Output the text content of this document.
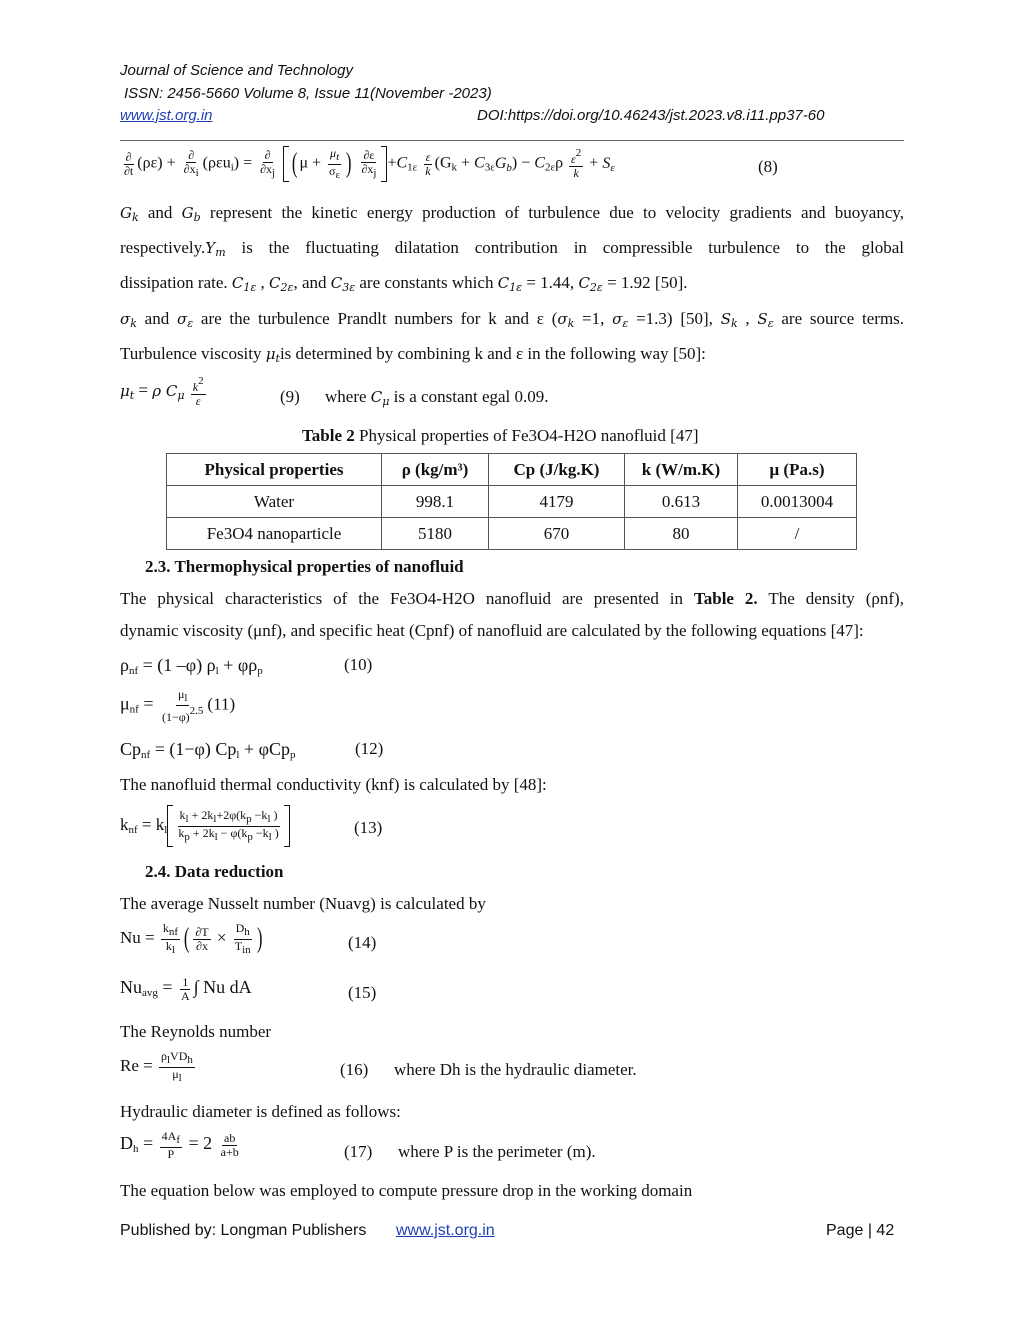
Journal of Science and Technology
ISSN: 2456-5660 Volume 8, Issue 11(November -2023)
www.jst.org.in	DOI:https://doi.org/10.46243/jst.2023.v8.i11.pp37-60
$\frac{\partial}{\partial t} (\rho\varepsilon) + \frac{\partial}{\partial xi} (\rho\varepsilon u_i) = \frac{\partial}{\partial xj}$ ( $\mu + \frac{\mu t}{\sigma\varepsilon}$ ) $\frac{\partial\varepsilon}{\partial xj} +C_{1\varepsilon} \frac{\varepsilon}{k} (G_k + C_{3\varepsilon}G_b) - C_{2\varepsilon}\rho \frac{\varepsilon 2}{k} + S_\varepsilon$	(8)
$G_k$ and $G_b$ represent the kinetic energy production of turbulence due to velocity gradients and buoyancy,
$respectively.Y_m$ is the fluctuating dilatation contribution in compressible turbulence to the global
dissipation rate. $C_{1\varepsilon}$ , $C_{2\varepsilon}$, and $C_{3\varepsilon}$ are constants which $C_{1\varepsilon} = 1.44$, $C_{2\varepsilon} = 1.92$ [50].
$\sigma_k$ and $\sigma_\varepsilon$ are the turbulence Prandlt numbers for k and ε ($\sigma_k =1$, $\sigma_\varepsilon =1.3$) [50], $S_k$ , $S_\varepsilon$ are source terms.
Turbulence viscosity $\mu_tis$ determined by combining k and ε in the following way [50]:
$\mu_t = \rho$ $C_\mu \frac{k2}{\varepsilon}$	(9) where $C_\mu$ is a constant egal 0.09.
Table 2 Physical properties of Fe3O4-H2O nanofluid [47]
Physical properties	ρ (kg/m³)	Cp (J/kg.K)	k (W/m.K)	μ (Pa.s)
Water	998.1	4179	0.613	0.0013004
Fe3O4 nanoparticle	5180	670	80	/
2.3. Thermophysical properties of nanofluid
The physical characteristics of the Fe3O4-H2O nanofluid are presented in Table 2. The density (ρnf),
dynamic viscosity (μnf), and specific heat (Cpnf) of nanofluid are calculated by the following equations [47]:
$\rho_{nf} = (1$ –φ) $\rho_l + \varphi\rho_p$	(10)
$\mu_{nf} = \frac{\mu l}{(1-\varphi)2.5} (11)$
$Cp_{nf} = (1-\varphi) Cp_l + \varphi Cp_p$	(12)
The nanofluid thermal conductivity (knf) is calculated by [48]:
$k_{nf} = k_l \frac{kl + 2kl+2\varphi(kp -kl )}{kp + 2kl - \varphi(kp -kl )}$	(13)
2.4. Data reduction
The average Nusselt number (Nuavg) is calculated by
$Nu = \frac{\text{knf}}{kl}$ ( $\frac{\partial T}{\partial x} \times \frac{Dh}{\text{Tin}}$ )	(14)
$Nu_{avg} = \frac{1}{A}$ ∫ Nu dA	(15)
The Reynolds number
$Re = \frac{\text{ρlVDh}}{\mu l}$	(16) where Dh is the hydraulic diameter.
Hydraulic diameter is defined as follows:
$D_h = \frac{4Af}{P} = 2 \frac{ab}{a+b}$	(17) where P is the perimeter (m).
The equation below was employed to compute pressure drop in the working domain
Published by: Longman Publishers www.jst.org.in	Page | 42
